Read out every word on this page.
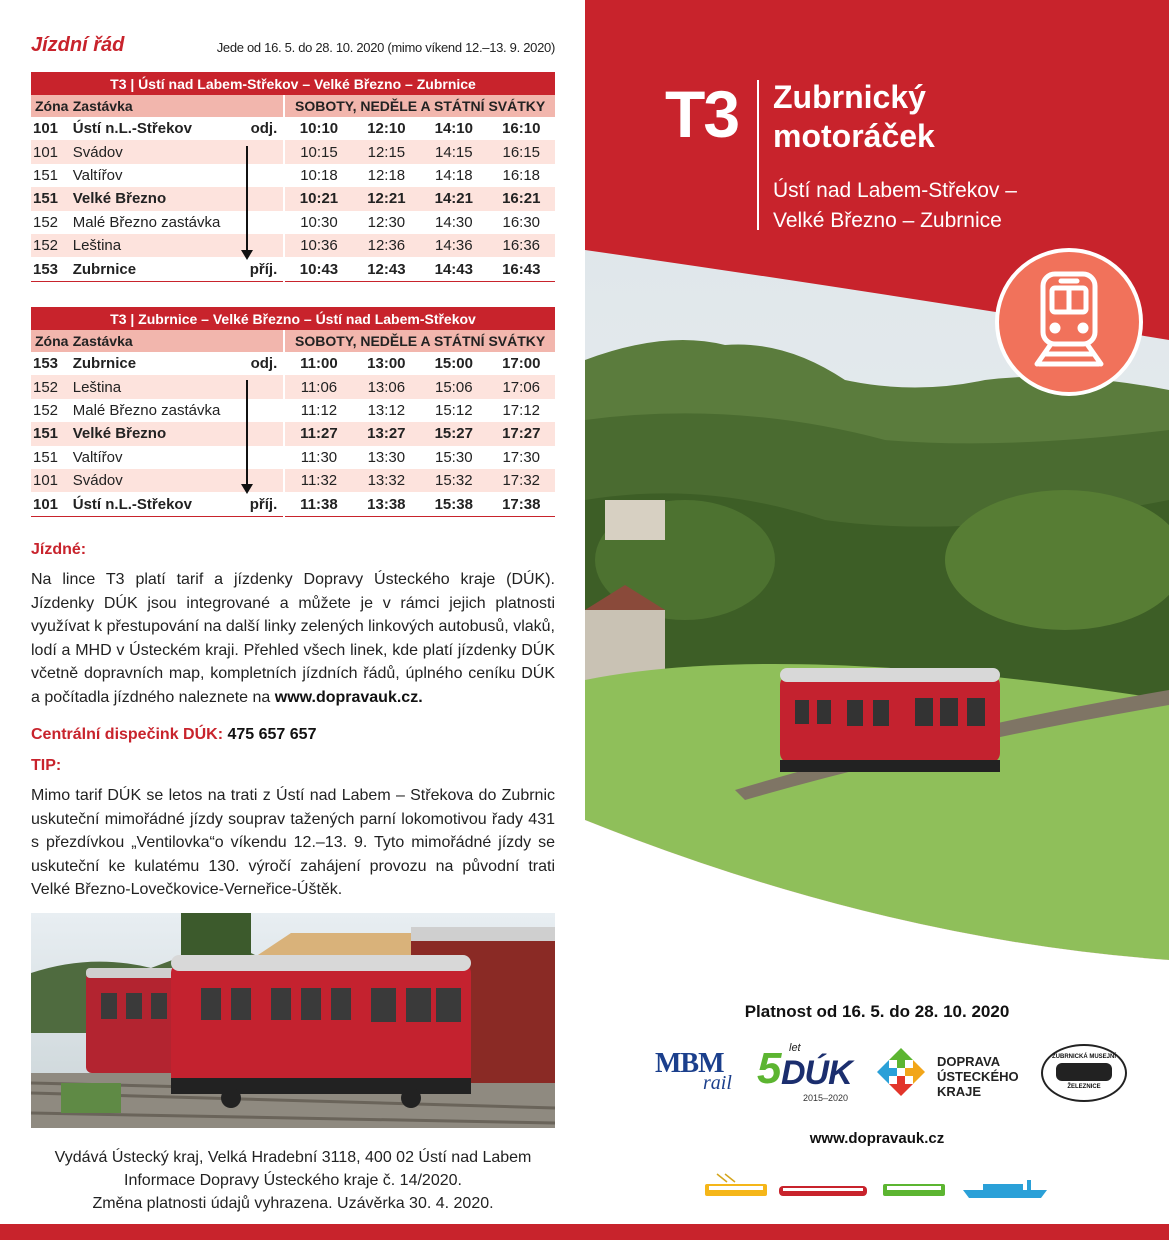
Jízdní řád	Jede od 16. 5. do 28. 10. 2020 (mimo víkend 12.–13. 9. 2020)
T3 | Ústí nad Labem-Střekov – Velké Březno – Zubrnice						
Zóna	Zastávka		SOBOTY, NEDĚLE A STÁTNÍ SVÁTKY			
101	Ústí n.L.-Střekov	odj.	10:10	12:10	14:10	16:10
101	Svádov		10:15	12:15	14:15	16:15
151	Valtířov		10:18	12:18	14:18	16:18
151	Velké Březno		10:21	12:21	14:21	16:21
152	Malé Březno zastávka		10:30	12:30	14:30	16:30
152	Leština		10:36	12:36	14:36	16:36
153	Zubrnice	příj.	10:43	12:43	14:43	16:43
T3 | Zubrnice – Velké Březno – Ústí nad Labem-Střekov						
Zóna	Zastávka		SOBOTY, NEDĚLE A STÁTNÍ SVÁTKY			
153	Zubrnice	odj.	11:00	13:00	15:00	17:00
152	Leština		11:06	13:06	15:06	17:06
152	Malé Březno zastávka		11:12	13:12	15:12	17:12
151	Velké Březno		11:27	13:27	15:27	17:27
151	Valtířov		11:30	13:30	15:30	17:30
101	Svádov		11:32	13:32	15:32	17:32
101	Ústí n.L.-Střekov	příj.	11:38	13:38	15:38	17:38
Jízdné:
Na lince T3 platí tarif a jízdenky Dopravy Ústeckého kraje (DÚK). Jízdenky DÚK jsou integrované a můžete je v rámci jejich platnosti využívat k přestupování na další linky zelených linkových autobusů, vlaků, lodí a MHD v Ústeckém kraji. Přehled všech linek, kde platí jízdenky DÚK včetně dopravních map, kompletních jízdních řádů, úplného ceníku DÚK a počítadla jízdného naleznete na www.dopravauk.cz.
Centrální dispečink DÚK: 475 657 657
TIP:
Mimo tarif DÚK se letos na trati z Ústí nad Labem – Střekova do Zubrnic uskuteční mimořádné jízdy souprav tažených parní lokomotivou řady 431 s přezdívkou „Ventilovka“o víkendu 12.–13. 9. Tyto mimořádné jízdy se uskuteční ke kulatému 130. výročí zahájení provozu na původní trati Velké Březno-Lovečkovice-Verneřice-Úštěk.
Vydává Ústecký kraj, Velká Hradební 3118, 400 02 Ústí nad Labem
Informace Dopravy Ústeckého kraje č. 14/2020.
Změna platnosti údajů vyhrazena. Uzávěrka 30. 4. 2020.
T3 Zubrnický
motoráček
Ústí nad Labem-Střekov –
Velké Březno – Zubrnice
Platnost od 16. 5. do 28. 10. 2020
MBM
rail 5 let
DÚK
2015–2020
DOPRAVA
ÚSTECKÉHO
KRAJE
ZUBRNICKÁ MUSEJNÍ
ŽELEZNICE
www.dopravauk.cz
